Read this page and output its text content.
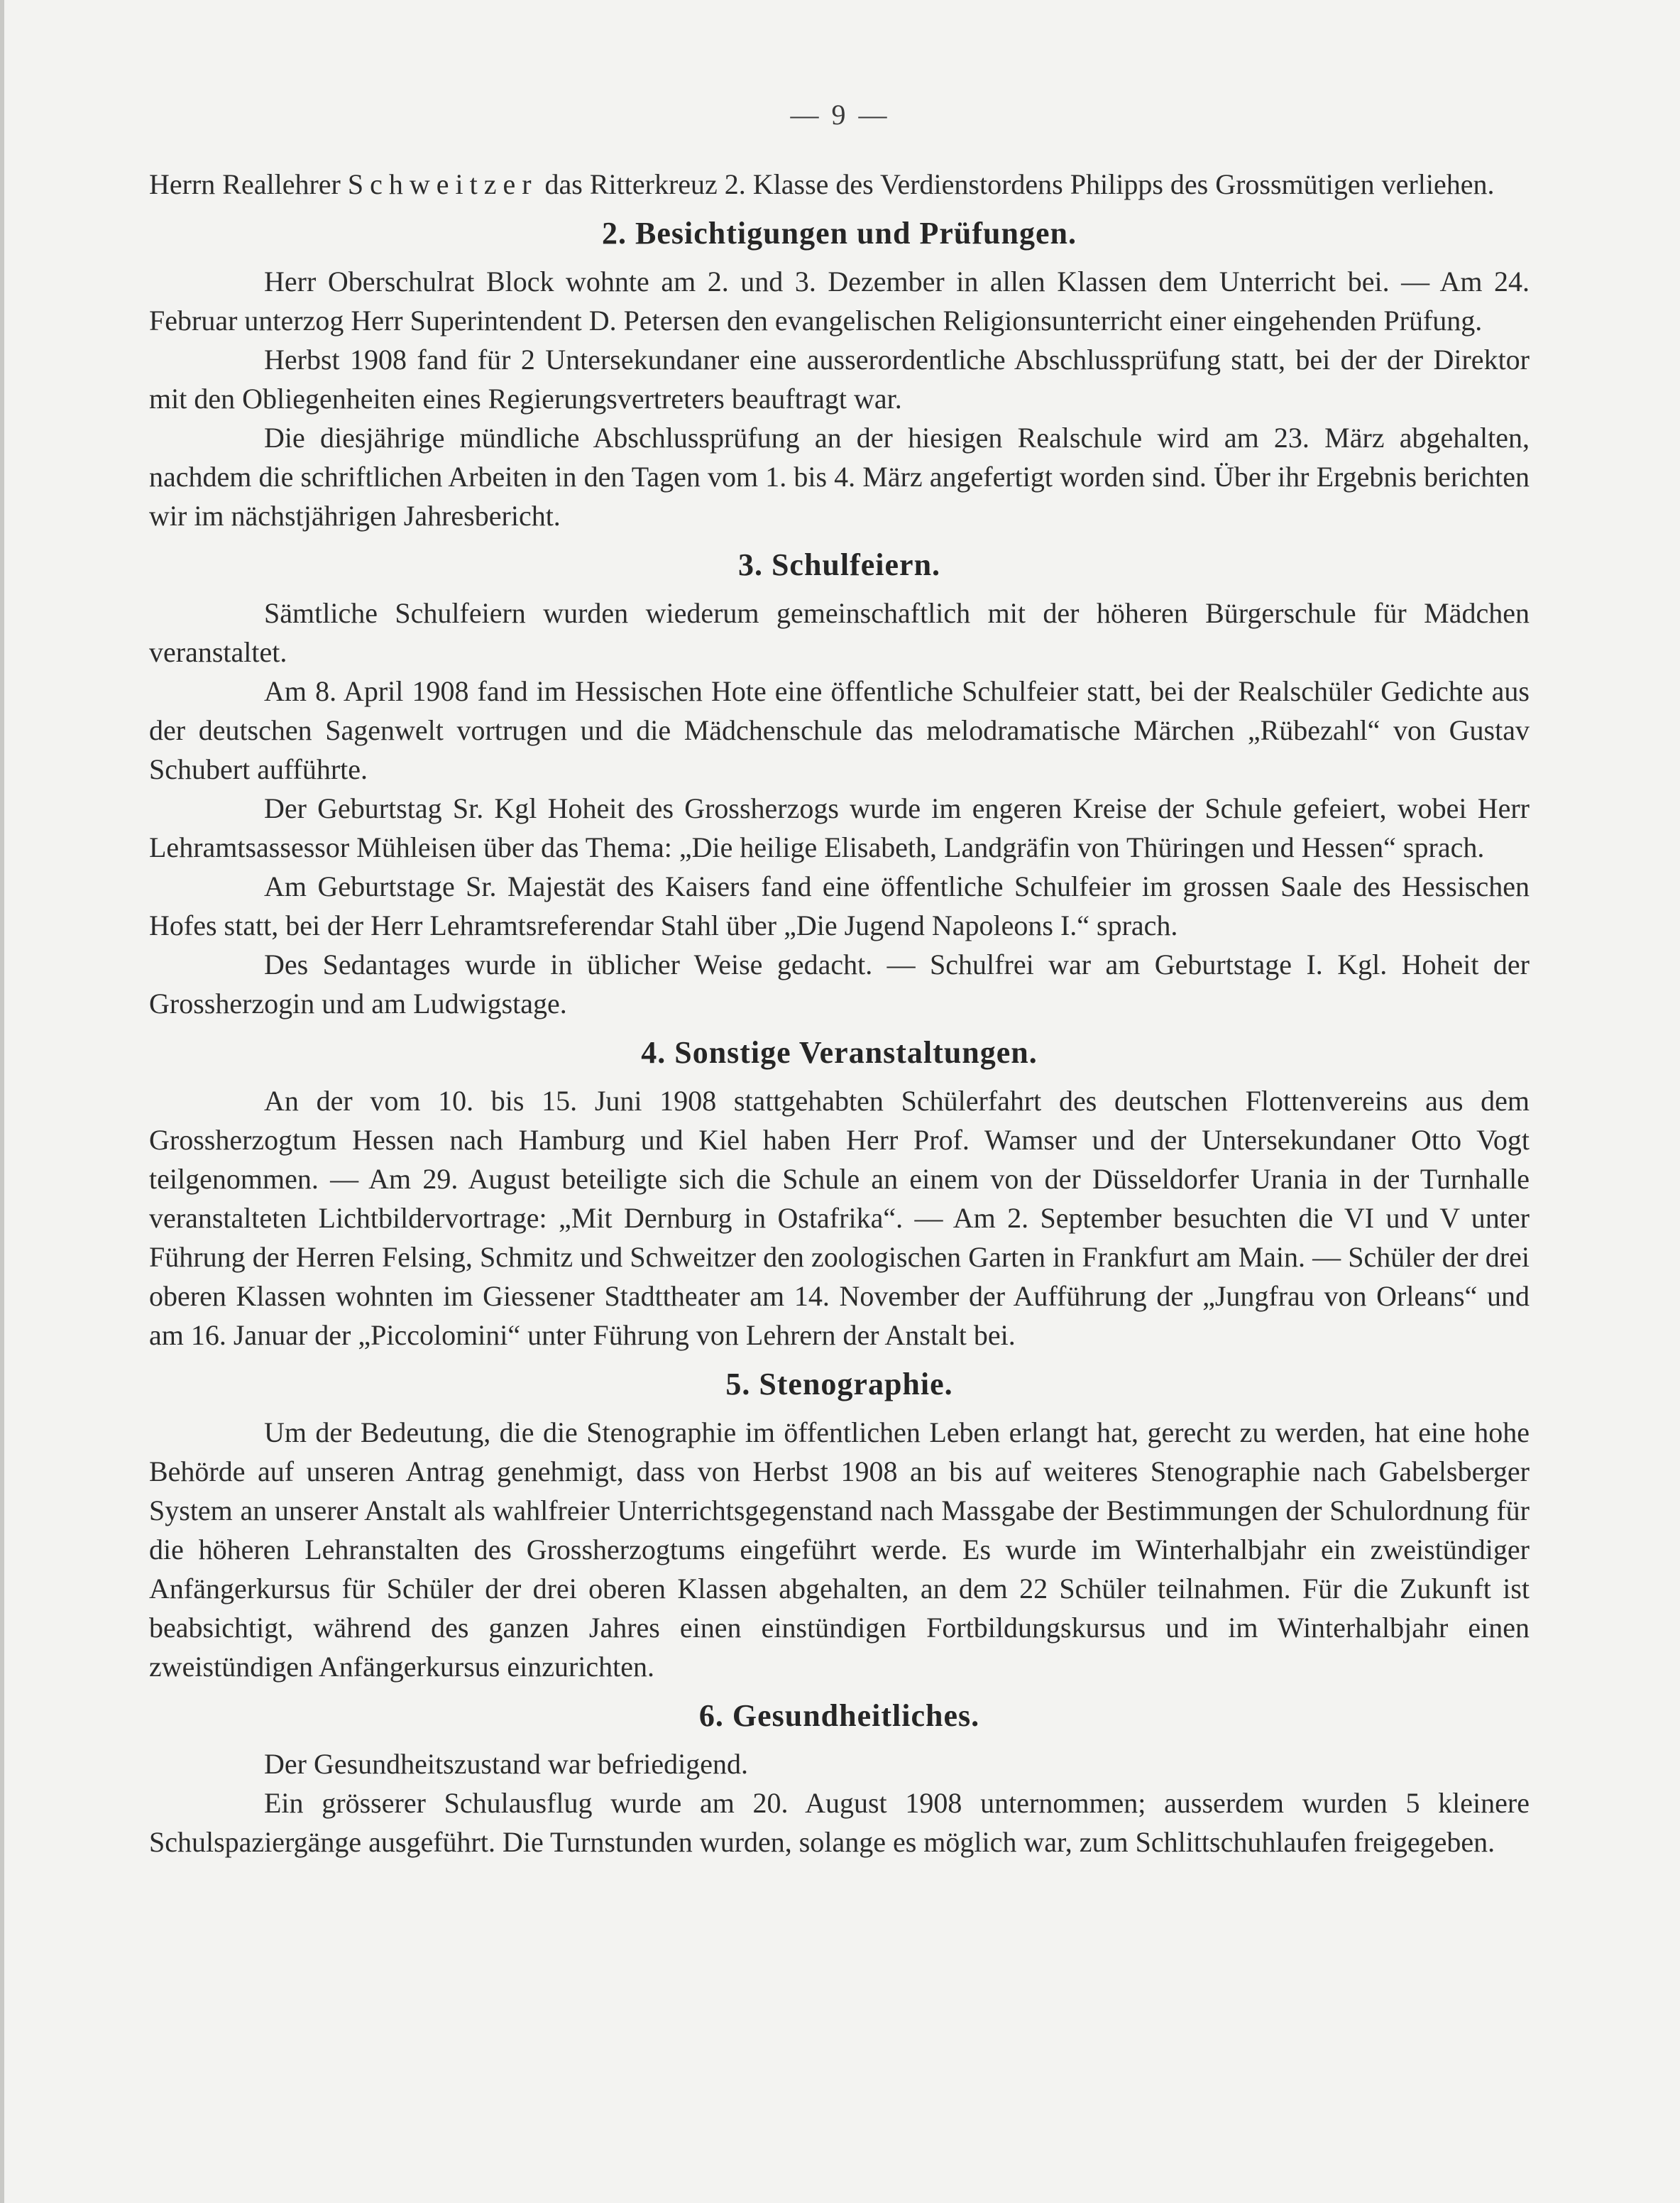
— 9 —

Herrn Reallehrer Schweitzer das Ritterkreuz 2. Klasse des Verdienstordens Philipps des Grossmütigen verliehen.

2. Besichtigungen und Prüfungen.

Herr Oberschulrat Block wohnte am 2. und 3. Dezember in allen Klassen dem Unterricht bei. — Am 24. Februar unterzog Herr Superintendent D. Petersen den evangelischen Religionsunterricht einer eingehenden Prüfung.

Herbst 1908 fand für 2 Untersekundaner eine ausserordentliche Abschlussprüfung statt, bei der der Direktor mit den Obliegenheiten eines Regierungsvertreters beauftragt war.

Die diesjährige mündliche Abschlussprüfung an der hiesigen Realschule wird am 23. März abgehalten, nachdem die schriftlichen Arbeiten in den Tagen vom 1. bis 4. März angefertigt worden sind. Über ihr Ergebnis berichten wir im nächstjährigen Jahresbericht.

3. Schulfeiern.

Sämtliche Schulfeiern wurden wiederum gemeinschaftlich mit der höheren Bürgerschule für Mädchen veranstaltet.

Am 8. April 1908 fand im Hessischen Hote eine öffentliche Schulfeier statt, bei der Realschüler Gedichte aus der deutschen Sagenwelt vortrugen und die Mädchenschule das melodramatische Märchen „Rübezahl“ von Gustav Schubert aufführte.

Der Geburtstag Sr. Kgl Hoheit des Grossherzogs wurde im engeren Kreise der Schule gefeiert, wobei Herr Lehramtsassessor Mühleisen über das Thema: „Die heilige Elisabeth, Landgräfin von Thüringen und Hessen“ sprach.

Am Geburtstage Sr. Majestät des Kaisers fand eine öffentliche Schulfeier im grossen Saale des Hessischen Hofes statt, bei der Herr Lehramtsreferendar Stahl über „Die Jugend Napoleons I.“ sprach.

Des Sedantages wurde in üblicher Weise gedacht. — Schulfrei war am Geburtstage I. Kgl. Hoheit der Grossherzogin und am Ludwigstage.

4. Sonstige Veranstaltungen.

An der vom 10. bis 15. Juni 1908 stattgehabten Schülerfahrt des deutschen Flottenvereins aus dem Grossherzogtum Hessen nach Hamburg und Kiel haben Herr Prof. Wamser und der Untersekundaner Otto Vogt teilgenommen. — Am 29. August beteiligte sich die Schule an einem von der Düsseldorfer Urania in der Turnhalle veranstalteten Lichtbildervortrage: „Mit Dernburg in Ostafrika“. — Am 2. September besuchten die VI und V unter Führung der Herren Felsing, Schmitz und Schweitzer den zoologischen Garten in Frankfurt am Main. — Schüler der drei oberen Klassen wohnten im Giessener Stadttheater am 14. November der Aufführung der „Jungfrau von Orleans“ und am 16. Januar der „Piccolomini“ unter Führung von Lehrern der Anstalt bei.

5. Stenographie.

Um der Bedeutung, die die Stenographie im öffentlichen Leben erlangt hat, gerecht zu werden, hat eine hohe Behörde auf unseren Antrag genehmigt, dass von Herbst 1908 an bis auf weiteres Stenographie nach Gabelsberger System an unserer Anstalt als wahlfreier Unterrichtsgegenstand nach Massgabe der Bestimmungen der Schulordnung für die höheren Lehranstalten des Grossherzogtums eingeführt werde. Es wurde im Winterhalbjahr ein zweistündiger Anfängerkursus für Schüler der drei oberen Klassen abgehalten, an dem 22 Schüler teilnahmen. Für die Zukunft ist beabsichtigt, während des ganzen Jahres einen einstündigen Fortbildungskursus und im Winterhalbjahr einen zweistündigen Anfängerkursus einzurichten.

6. Gesundheitliches.

Der Gesundheitszustand war befriedigend.

Ein grösserer Schulausflug wurde am 20. August 1908 unternommen; ausserdem wurden 5 kleinere Schulspaziergänge ausgeführt. Die Turnstunden wurden, solange es möglich war, zum Schlittschuhlaufen freigegeben.
